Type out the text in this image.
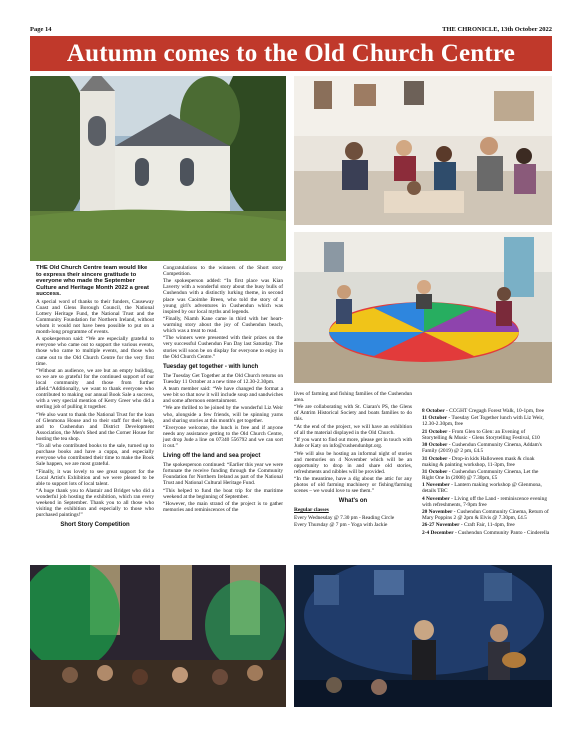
Page 14	THE CHRONICLE, 13th October 2022
Autumn comes to the Old Church Centre

THE Old Church Centre team would like to express their sincere gratitude to everyone who made the September Culture and Heritage Month 2022 a great success.

A special word of thanks to their funders, Causeway Coast and Glens Borough Council, the National Lottery Heritage Fund, the National Trust and the Community Foundation for Northern Ireland, without whom it would not have been possible to put on a month-long programme of events.

A spokesperson said: “We are especially grateful to everyone who came out to support the various events, those who came to multiple events, and those who came out to the Old Church Centre for the very first time.

“Without an audience, we are but an empty building, so we are so grateful for the continued support of our local community and those from further afield.“Additionally, we want to thank everyone who contributed to making our annual Book Sale a success, with a very special mention of Kerry Greer who did a sterling job of pulling it together.

“We also want to thank the National Trust for the loan of Glenmona House and to their staff for their help, and to Cushendun and District Development Association, the Men's Shed and the Corner House for hosting the tea shop.

“To all who contributed books to the sale, turned up to purchase books and have a cuppa, and especially everyone who contributed their time to make the Book Sale happen, we are most grateful.

“Finally, it was lovely to see great support for the Local Artist's Exhibition and we were pleased to be able to support lots of local talent.

“A huge thank you to Alastair and Bridget who did a wonderful job hosting the exhibition, which ran every weekend in September. Thank you to all those who visiting the exhibition and especially to those who purchased paintings!”

Short Story Competition

Congratulations to the winners of the Short story Competition.

The spokesperson added: “In first place was Kian Laverty with a wonderful story about the busy bulls of Cushendun with a distinctly lurking theme, in second place was Caoimhe Breen, who told the story of a young girl's adventures in Cushendun which was inspired by our local myths and legends.

“Finally, Niamh Kane came in third with her heart-warming story about the joy of Cushendun beach, which was a treat to read.

“The winners were presented with their prizes on the very successful Cushendun Fun Day last Saturday. The stories will soon be on display for everyone to enjoy in the Old Church Centre.”

Tuesday get together - with lunch

The Tuesday Get Together at the Old Church returns on Tuesday 11 October at a new time of 12.30-2.30pm.

A team member said: “We have changed the format a wee bit so that now it will include soup and sandwiches and some afternoon entertainment.

“We are thrilled to be joined by the wonderful Liz Weir who, alongside a few friends, will be spinning yarns and sharing stories at this month's get together.

“Everyone welcome, the lunch is free and if anyone needs any assistance getting to the Old Church Centre, just drop Jude a line on 07340 556792 and we can sort it out.”

Living off the land and sea project

The spokesperson continued: “Earlier this year we were fortunate the receive funding through the Community Foundation for Northern Ireland as part of the National Trust and National Cultural Heritage Fund.

“This helped to fund the boat trip for the maritime weekend at the beginning of September.

“However, the main strand of the project is to gather memories and reminiscences of the

lives of farming and fishing families of the Cushendun area.

“We are collaborating with St. Ciaran's PS, the Glens of Antrim Historical Society and boats families to do this.

“At the end of the project, we will have an exhibition of all the material displayed in the Old Church.

“If you want to find out more, please get in touch with Jude or Katy on info@cushendunbpt.org.

“We will also be hosting an informal night of stories and memories on 4 November which will be an opportunity to drop in and share old stories, refreshments and nibbles will be provided.

“In the meantime, have a dig about the attic for any photos of old farming machinery or fishing/farming scenes – we would love to see them.”

What's on

Regular classes

Every Wednesday @ 7.30 pm - Reading Circle

Every Thursday @ 7 pm - Yoga with Jackie

8 October - CCGHT Cregagh Forest Walk, 10-1pm, free

11 October - Tuesday Get Together lunch with Liz Weir, 12.30-2.30pm, free

21 October - From Glen to Glen: an Evening of Storytelling & Music - Glens Storytelling Festival, £10

30 October - Cushendun Community Cinema, Addam's Family (2019) @ 2 pm, £4.5

31 October - Drop-in kids Halloween mask & cloak making & painting workshop, 11-3pm, free

31 October - Cushendun Community Cinema, Let the Right One In (2008) @ 7.30pm, £5

1 November - Lantern making workshop @ Glenmona, details TBC

4 November - Living off the Land - reminiscence evening with refreshments, 7-9pm free

20 November - Cushendun Community Cinema, Return of Mary Poppins 2 @ 2pm & Elvis @ 7.30pm, £4.5

26-27 November - Craft Fair, 11-4pm, free

2-4 December - Cushendun Community Panto - Cinderella
